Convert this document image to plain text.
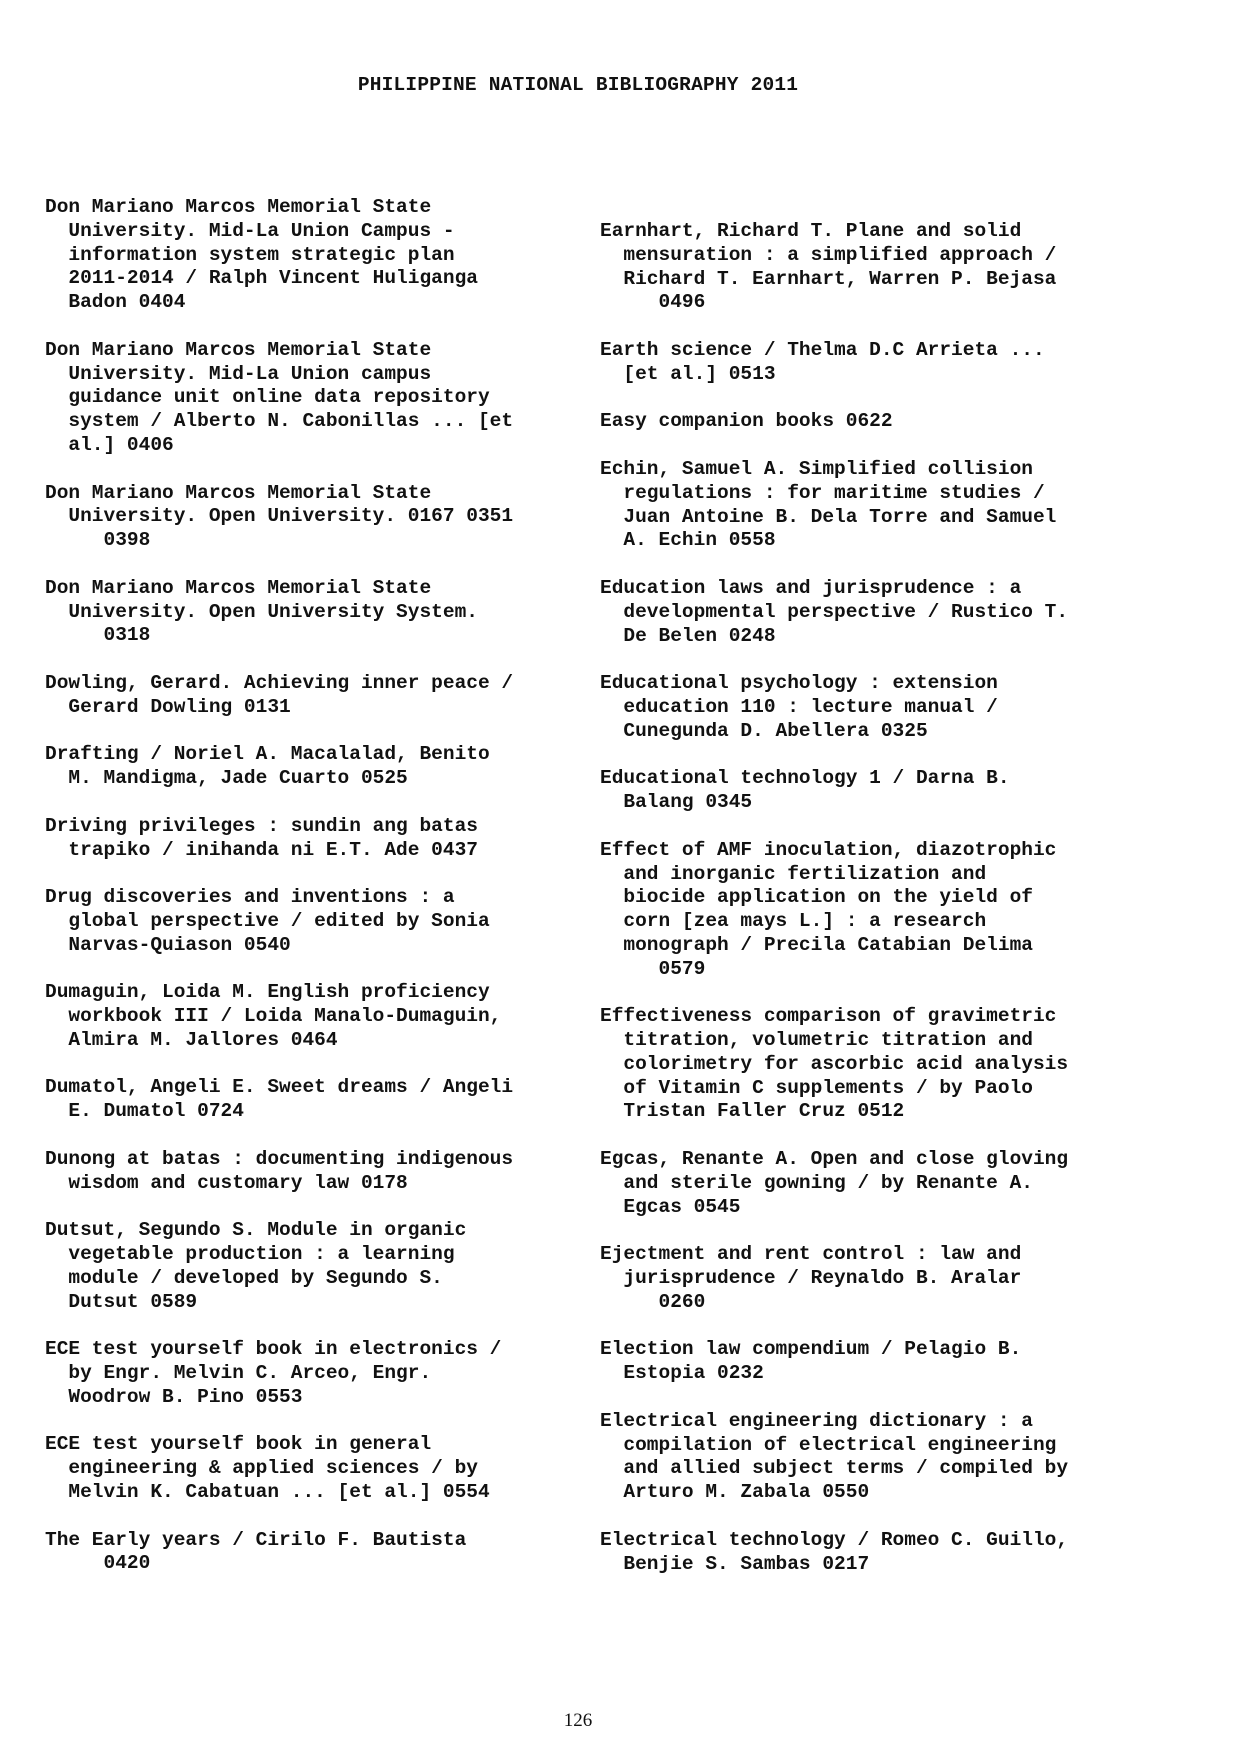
PHILIPPINE NATIONAL BIBLIOGRAPHY 2011
Don Mariano Marcos Memorial State
University. Mid-La Union Campus -
information system strategic plan
2011-2014 / Ralph Vincent Huliganga
Badon 0404
Don Mariano Marcos Memorial State
University. Mid-La Union campus
guidance unit online data repository
system / Alberto N. Cabonillas ... [et
al.] 0406
Don Mariano Marcos Memorial State
University. Open University. 0167 0351
0398
Don Mariano Marcos Memorial State
University. Open University System.
0318
Dowling, Gerard. Achieving inner peace /
Gerard Dowling 0131
Drafting / Noriel A. Macalalad, Benito
M. Mandigma, Jade Cuarto 0525
Driving privileges : sundin ang batas
trapiko / inihanda ni E.T. Ade 0437
Drug discoveries and inventions : a
global perspective / edited by Sonia
Narvas-Quiason 0540
Dumaguin, Loida M. English proficiency
workbook III / Loida Manalo-Dumaguin,
Almira M. Jallores 0464
Dumatol, Angeli E. Sweet dreams / Angeli
E. Dumatol 0724
Dunong at batas : documenting indigenous
wisdom and customary law 0178
Dutsut, Segundo S. Module in organic
vegetable production : a learning
module / developed by Segundo S.
Dutsut 0589
ECE test yourself book in electronics /
by Engr. Melvin C. Arceo, Engr.
Woodrow B. Pino 0553
ECE test yourself book in general
engineering & applied sciences / by
Melvin K. Cabatuan ... [et al.] 0554
The Early years / Cirilo F. Bautista
0420
Earnhart, Richard T. Plane and solid
mensuration : a simplified approach /
Richard T. Earnhart, Warren P. Bejasa
0496
Earth science / Thelma D.C Arrieta ...
[et al.] 0513
Easy companion books 0622
Echin, Samuel A. Simplified collision
regulations : for maritime studies /
Juan Antoine B. Dela Torre and Samuel
A. Echin 0558
Education laws and jurisprudence : a
developmental perspective / Rustico T.
De Belen 0248
Educational psychology : extension
education 110 : lecture manual /
Cunegunda D. Abellera 0325
Educational technology 1 / Darna B.
Balang 0345
Effect of AMF inoculation, diazotrophic
and inorganic fertilization and
biocide application on the yield of
corn [zea mays L.] : a research
monograph / Precila Catabian Delima
0579
Effectiveness comparison of gravimetric
titration, volumetric titration and
colorimetry for ascorbic acid analysis
of Vitamin C supplements / by Paolo
Tristan Faller Cruz 0512
Egcas, Renante A. Open and close gloving
and sterile gowning / by Renante A.
Egcas 0545
Ejectment and rent control : law and
jurisprudence / Reynaldo B. Aralar
0260
Election law compendium / Pelagio B.
Estopia 0232
Electrical engineering dictionary : a
compilation of electrical engineering
and allied subject terms / compiled by
Arturo M. Zabala 0550
Electrical technology / Romeo C. Guillo,
Benjie S. Sambas 0217
126
